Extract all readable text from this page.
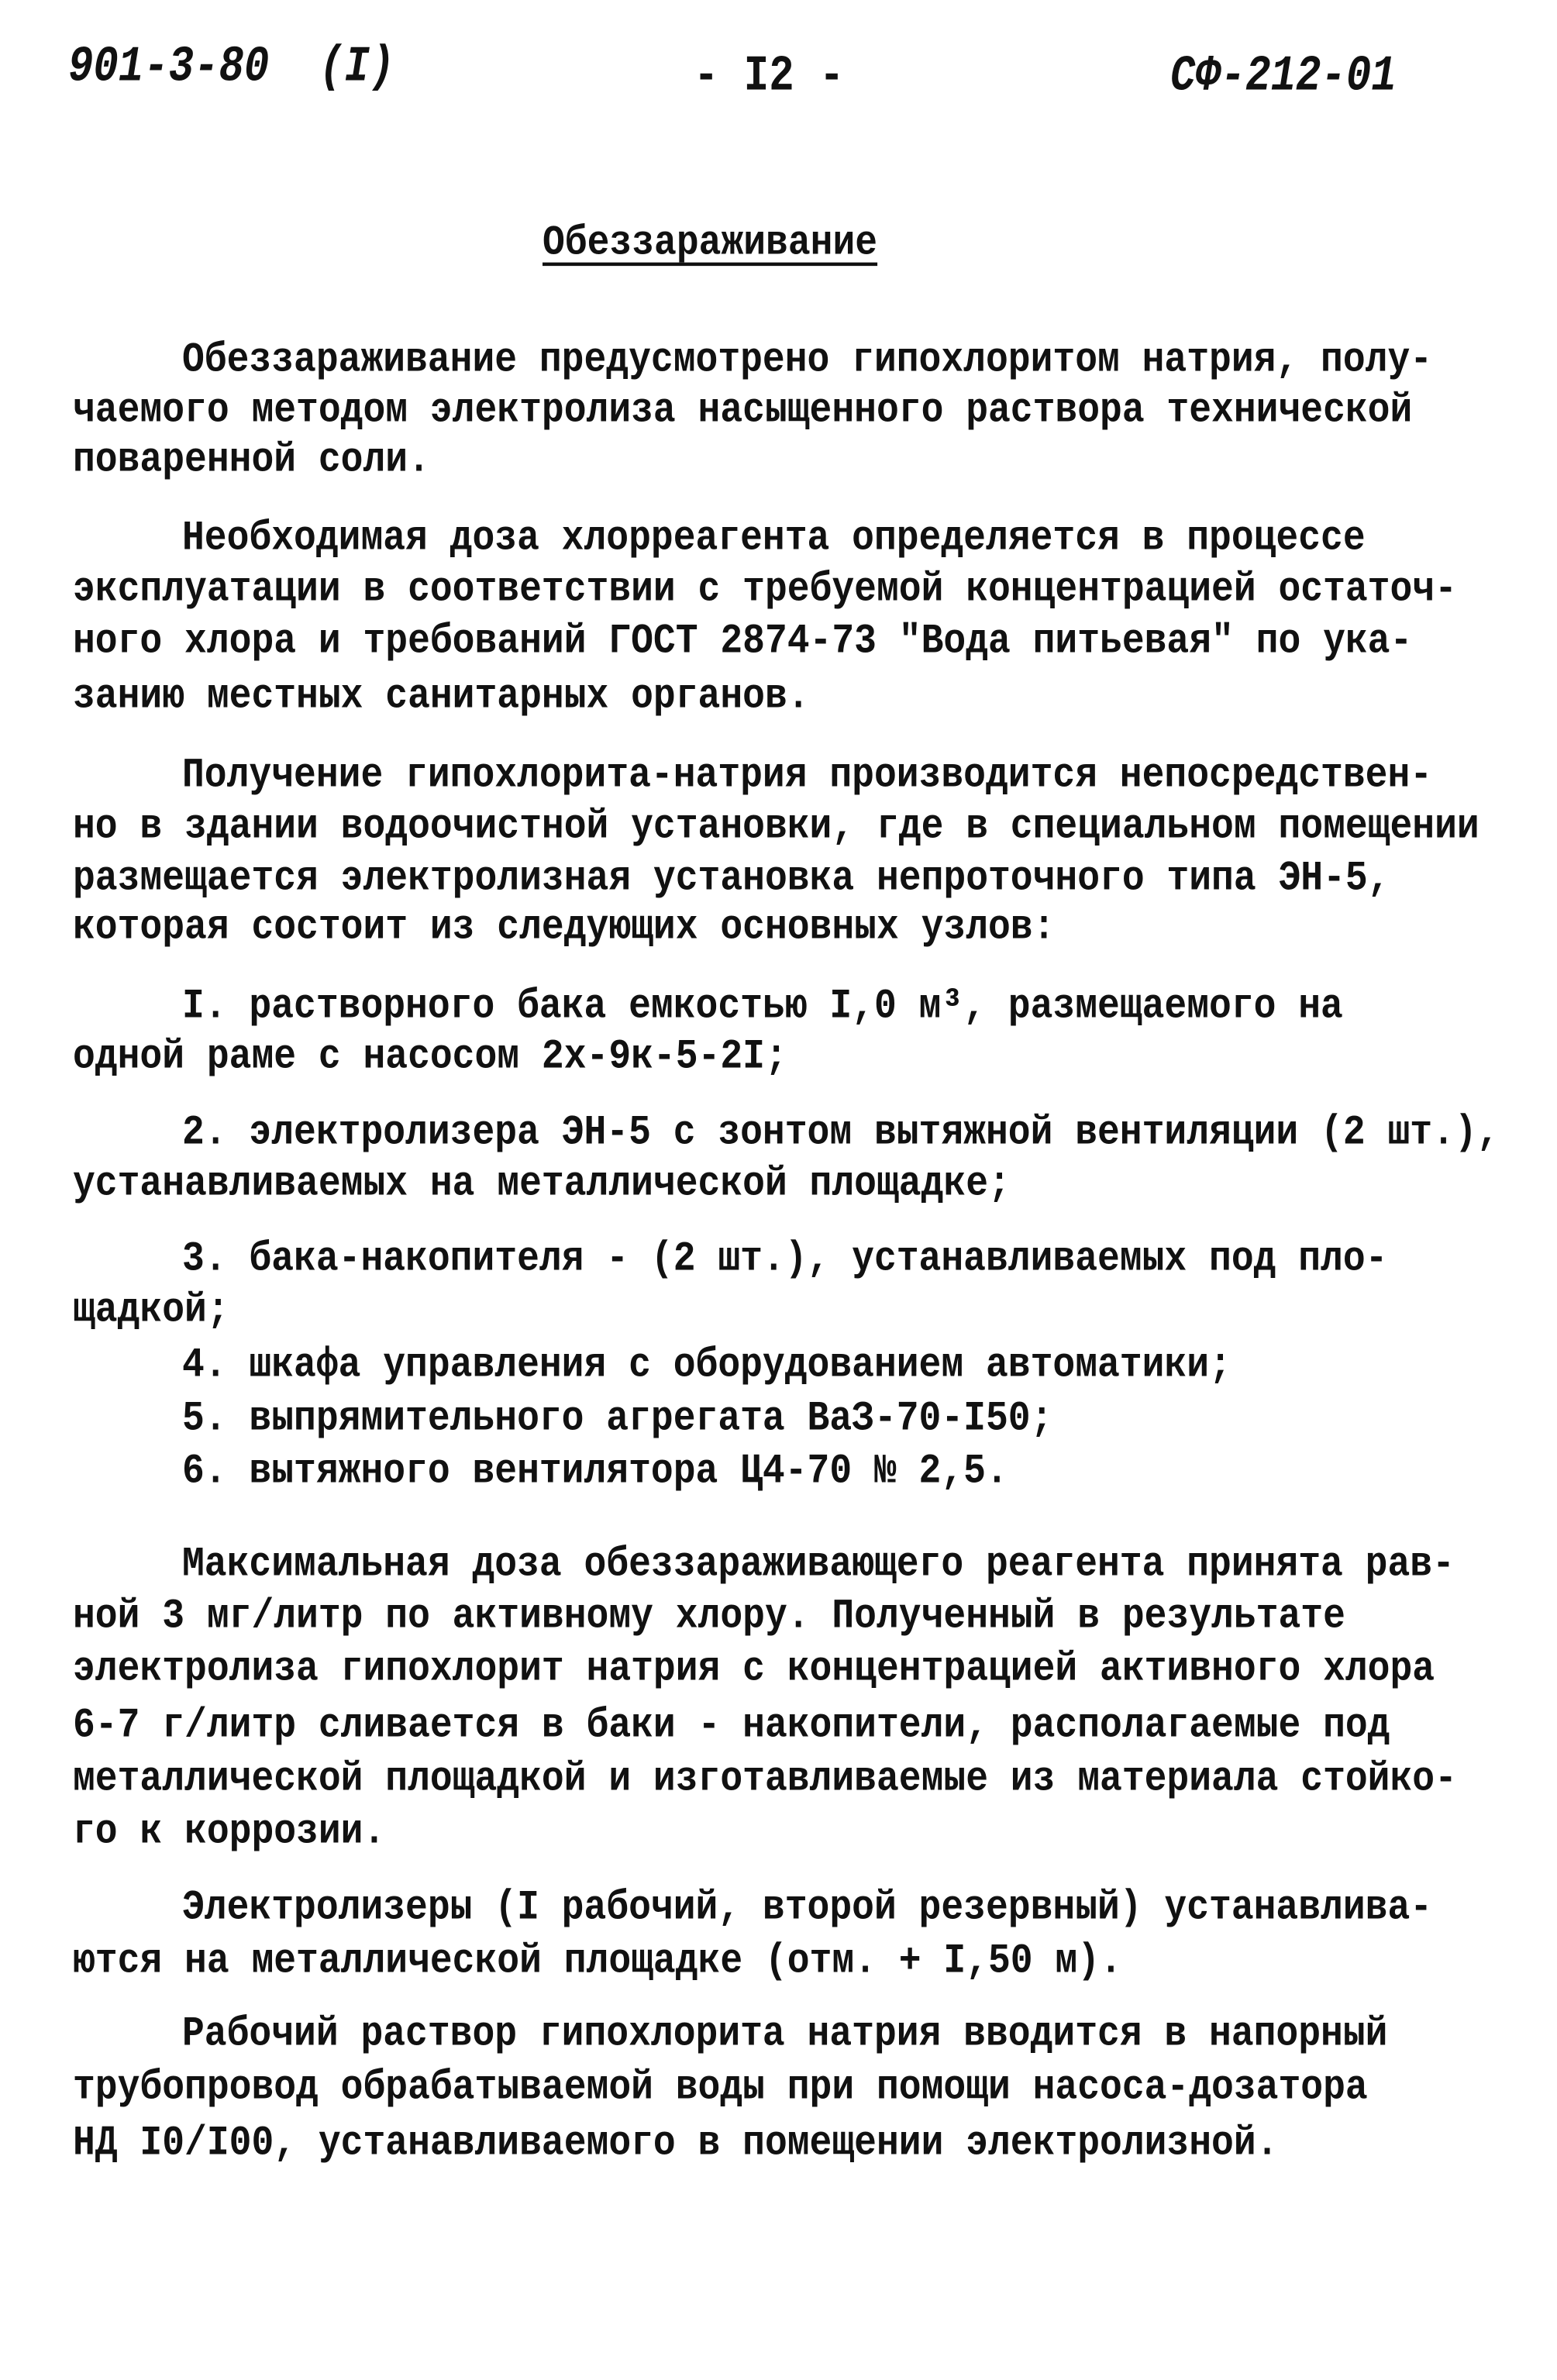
901-3-80  (I)	- I2 -	СФ-212-01
Обеззараживание
Обеззараживание предусмотрено гипохлоритом натрия, полу-
чаемого методом электролиза насыщенного раствора технической
поваренной соли.
Необходимая доза хлорреагента определяется в процессе
эксплуатации в соответствии с требуемой концентрацией остаточ-
ного хлора и требований ГОСТ 2874-73 "Вода питьевая" по ука-
занию местных санитарных органов.
Получение гипохлорита-натрия производится непосредствен-
но в здании водоочистной установки, где в специальном помещении
размещается электролизная установка непроточного типа ЭН-5,
которая состоит из следующих основных узлов:
I. растворного бака емкостью I,0 м³, размещаемого на
одной раме с насосом 2х-9к-5-2I;
2. электролизера ЭН-5 с зонтом вытяжной вентиляции (2 шт.),
устанавливаемых на металлической площадке;
3. бака-накопителя - (2 шт.), устанавливаемых под пло-
щадкой;
4. шкафа управления с оборудованием автоматики;
5. выпрямительного агрегата ВаЗ-70-I50;
6. вытяжного вентилятора Ц4-70 № 2,5.
Максимальная доза обеззараживающего реагента принята рав-
ной 3 мг/литр по активному хлору. Полученный в результате
электролиза гипохлорит натрия с концентрацией активного хлора
6-7 г/литр сливается в баки - накопители, располагаемые под
металлической площадкой и изготавливаемые из материала стойко-
го к коррозии.
Электролизеры (I рабочий, второй резервный) устанавлива-
ются на металлической площадке (отм. + I,50 м).
Рабочий раствор гипохлорита натрия вводится в напорный
трубопровод обрабатываемой воды при помощи насоса-дозатора
НД I0/I00, устанавливаемого в помещении электролизной.
